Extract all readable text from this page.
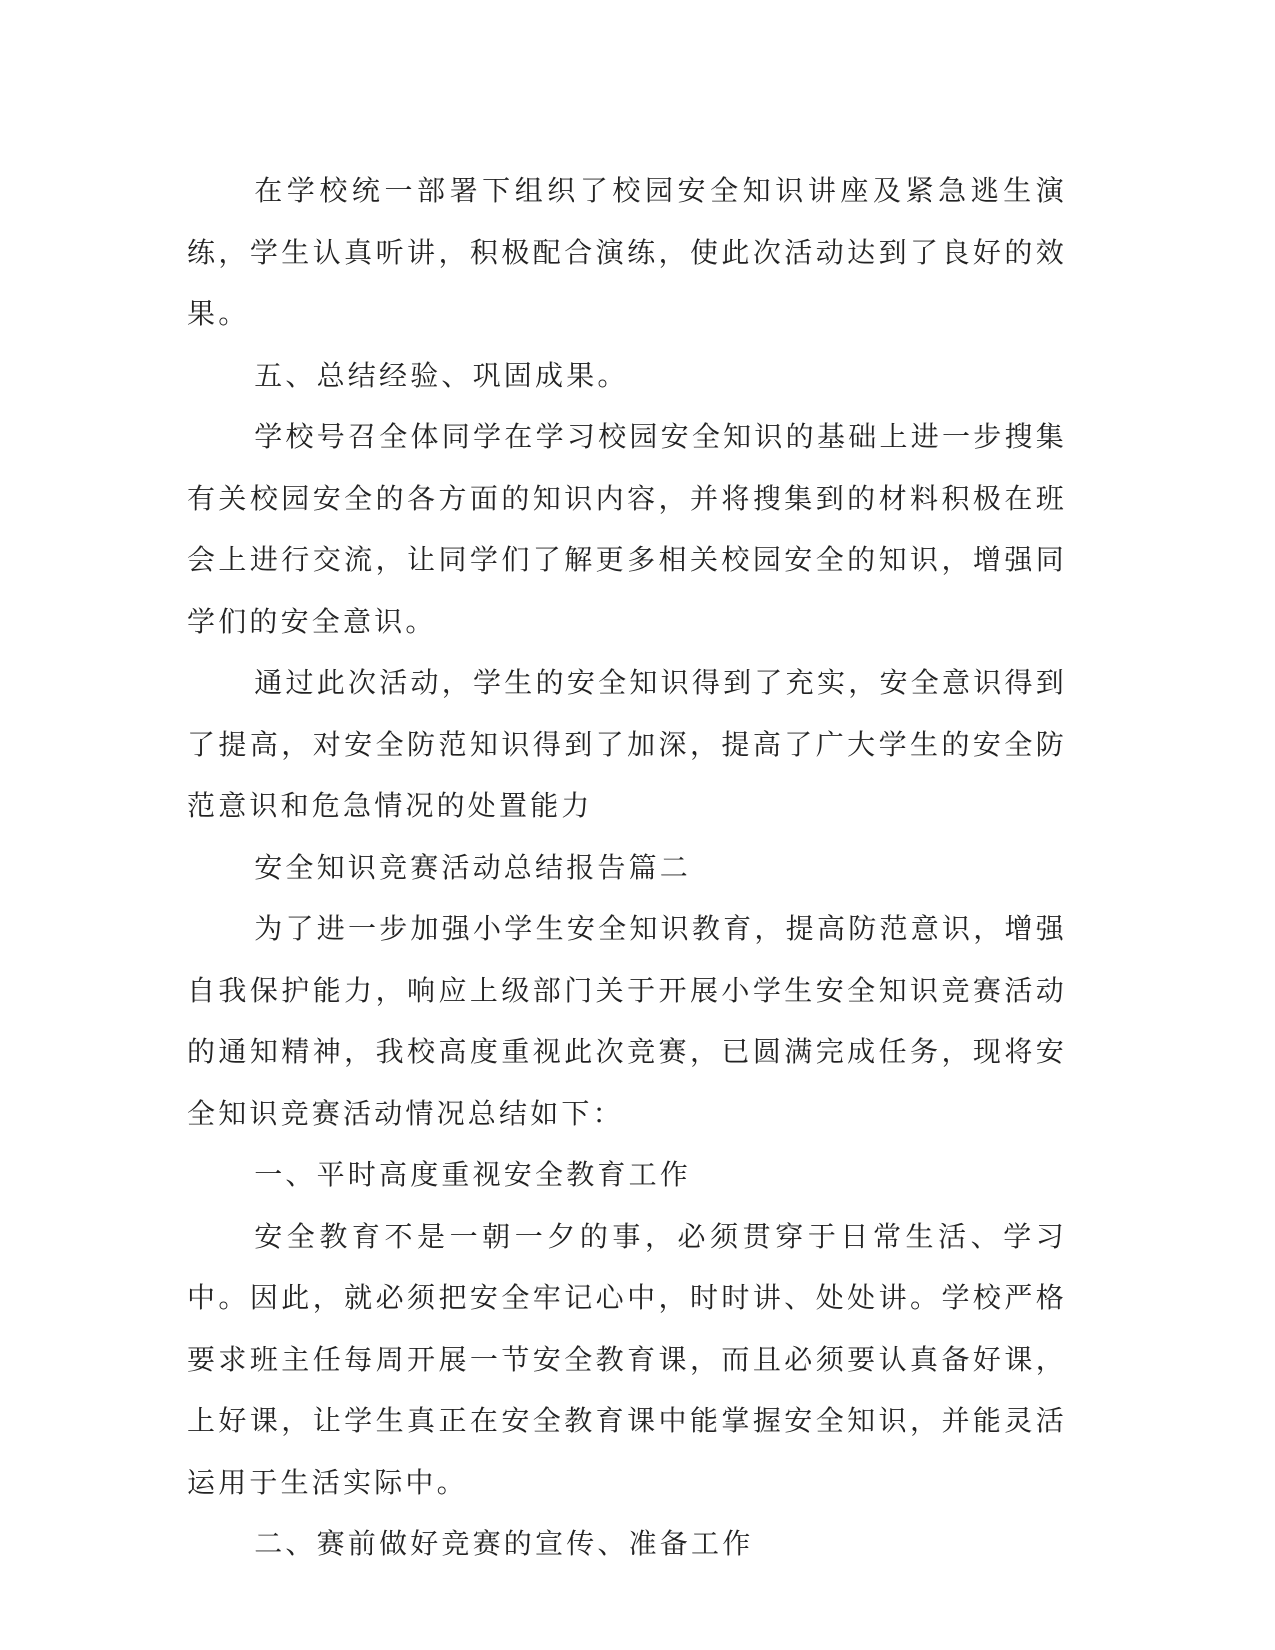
在学校统一部署下组织了校园安全知识讲座及紧急逃生演练，学生认真听讲，积极配合演练，使此次活动达到了良好的效果。

五、总结经验、巩固成果。

学校号召全体同学在学习校园安全知识的基础上进一步搜集有关校园安全的各方面的知识内容，并将搜集到的材料积极在班会上进行交流，让同学们了解更多相关校园安全的知识，增强同学们的安全意识。

通过此次活动，学生的安全知识得到了充实，安全意识得到了提高，对安全防范知识得到了加深，提高了广大学生的安全防范意识和危急情况的处置能力

安全知识竞赛活动总结报告篇二

为了进一步加强小学生安全知识教育，提高防范意识，增强自我保护能力，响应上级部门关于开展小学生安全知识竞赛活动的通知精神，我校高度重视此次竞赛，已圆满完成任务，现将安全知识竞赛活动情况总结如下：

一、平时高度重视安全教育工作

安全教育不是一朝一夕的事，必须贯穿于日常生活、学习中。因此，就必须把安全牢记心中，时时讲、处处讲。学校严格要求班主任每周开展一节安全教育课，而且必须要认真备好课，上好课，让学生真正在安全教育课中能掌握安全知识，并能灵活运用于生活实际中。

二、赛前做好竞赛的宣传、准备工作
